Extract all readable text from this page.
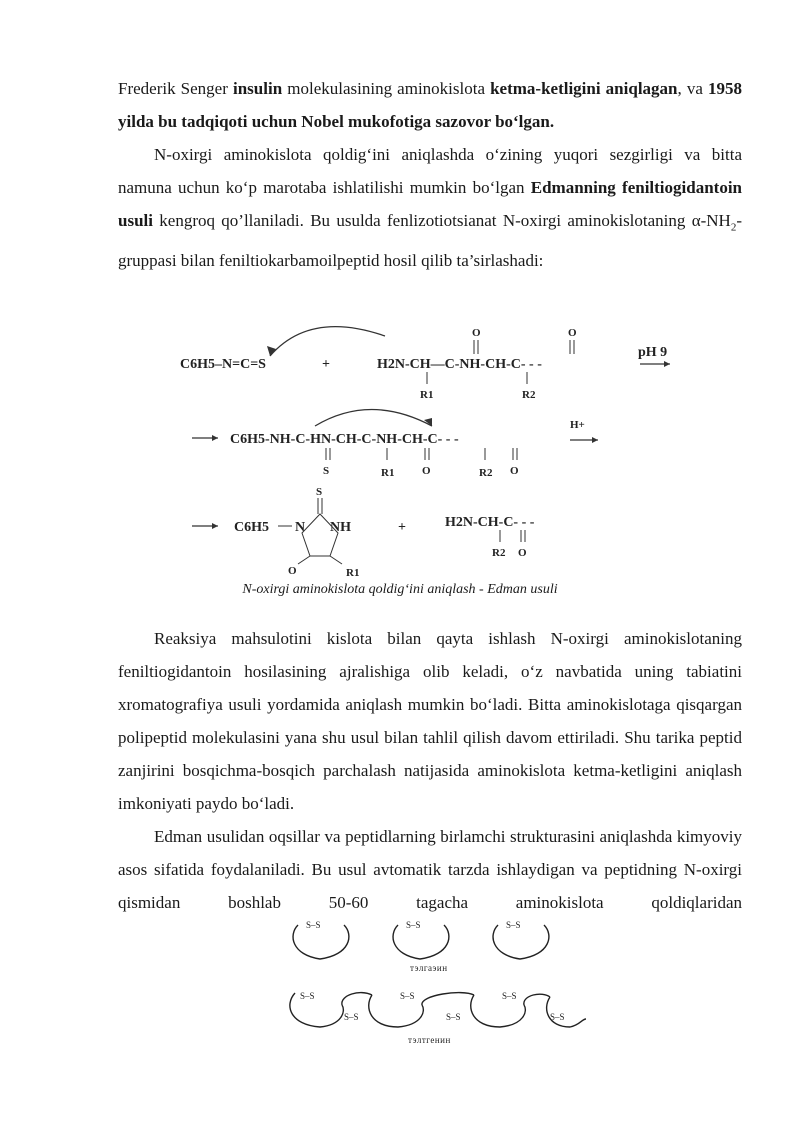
Frederik Senger insulin molekulasining aminokislota ketma-ketligini aniqlagan, va 1958 yildа bu tadqiqoti uchun Nobel mukofotiga sazovor bo‘lgan.

N-oxirgi aminokislota qoldig‘ini aniqlashda o‘zining yuqori sezgirligi va bitta namuna uchun ko‘p marotaba ishlatilishi mumkin bo‘lgan Edmanning feniltiogidantoin usuli kengroq qo’llaniladi. Bu usulda fenlizotiotsianat N-oxirgi aminokislotaning $\alpha-NH_2$-gruppasi bilan feniltiokarbamoilpeptid hosil qilib ta’sirlashadi:

C6H5–N=C=S	+	H2N-CH—C-NH-CH-C- - -
O	O
R1	R2
pH 9
C6H5-NH-C-HN-CH-C-NH-CH-C- - -
S	R1	O	R2 O
H+
C6H5 N NH
S
O	R1
+	H2N-CH-C- - -
R2 O
N-oxirgi aminokislota qoldig‘ini aniqlash - Edman usuli

Reaksiya mahsulotini kislota bilan qayta ishlash N-oxirgi aminokislotaning feniltiogidantoin hosilasining ajralishiga olib keladi, o‘z navbatida uning tabiatini xromatografiya usuli yordamida aniqlash mumkin bo‘ladi. Bitta aminokislotaga qisqargan polipeptid molekulasini yana shu usul bilan tahlil qilish davom ettiriladi. Shu tarika peptid zanjirini bosqichma-bosqich parchalash natijasida aminokislota ketma-ketligini aniqlash imkoniyati paydo bo‘ladi.

Edman usulidan oqsillar va peptidlarning birlamchi strukturasini aniqlashda kimyoviy asos sifatida foydalaniladi. Bu usul avtomatik tarzda ishlaydigan va peptidning N-oxirgi qismidan boshlab 50-60 tagacha aminokislota qoldiqlaridan

S–S	S–S	S–S
тэлгаэин
S–S
S–S
S–S
S–S
S–S
S–S
тэлтгенин
